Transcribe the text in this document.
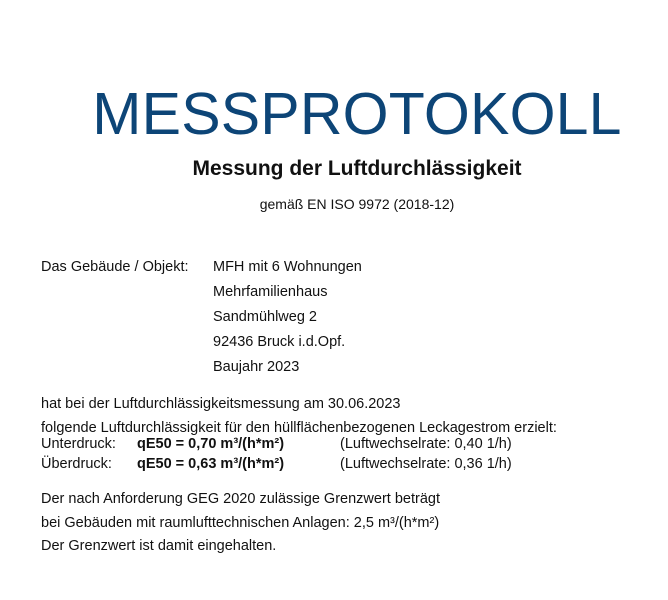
MESSPROTOKOLL
Messung der Luftdurchlässigkeit
gemäß EN ISO 9972 (2018-12)
Das Gebäude / Objekt: MFH mit 6 Wohnungen
Mehrfamilienhaus
Sandmühlweg 2
92436 Bruck i.d.Opf.
Baujahr 2023
hat bei der Luftdurchlässigkeitsmessung am 30.06.2023
folgende Luftdurchlässigkeit für den hüllflächenbezogenen Leckagestrom erzielt:
Unterdruck: qE50 = 0,70 m³/(h*m²)	(Luftwechselrate: 0,40 1/h)
Überdruck: qE50 = 0,63 m³/(h*m²)	(Luftwechselrate: 0,36 1/h)
Der nach Anforderung GEG 2020 zulässige Grenzwert beträgt
bei Gebäuden mit raumlufttechnischen Anlagen: 2,5 m³/(h*m²)
Der Grenzwert ist damit eingehalten.
